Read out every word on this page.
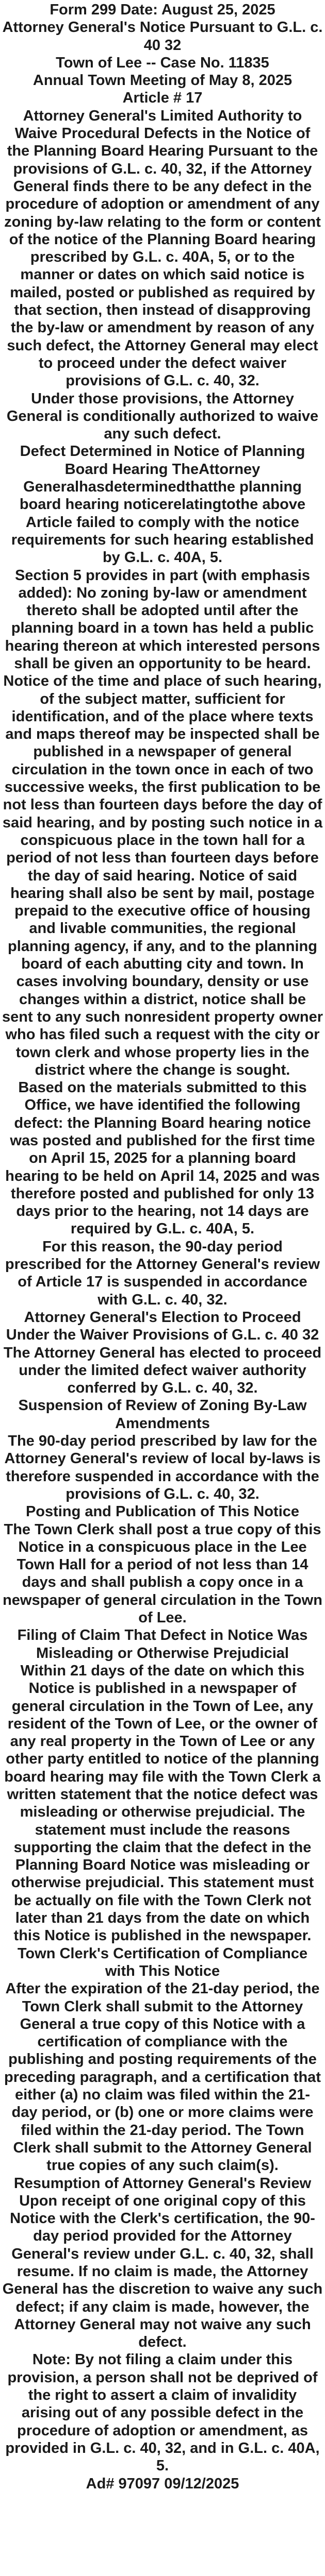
Form 299 Date: August 25, 2025
Attorney General's Notice Pursuant to G.L. c. 40 32
Town of Lee -- Case No. 11835
Annual Town Meeting of May 8, 2025
Article # 17
Attorney General's Limited Authority to Waive Procedural Defects in the Notice of the Planning Board Hearing Pursuant to the provisions of G.L. c. 40, 32, if the Attorney General finds there to be any defect in the procedure of adoption or amendment of any zoning by-law relating to the form or content of the notice of the Planning Board hearing prescribed by G.L. c. 40A, 5, or to the manner or dates on which said notice is mailed, posted or published as required by that section, then instead of disapproving the by-law or amendment by reason of any such defect, the Attorney General may elect to proceed under the defect waiver provisions of G.L. c. 40, 32.
Under those provisions, the Attorney General is conditionally authorized to waive any such defect.
Defect Determined in Notice of Planning Board Hearing TheAttorney Generalhasdeterminedthatthe planning board hearing noticerelatingtothe above Article failed to comply with the notice requirements for such hearing established by G.L. c. 40A, 5.
Section 5 provides in part (with emphasis added): No zoning by-law or amendment thereto shall be adopted until after the planning board in a town has held a public hearing thereon at which interested persons shall be given an opportunity to be heard. Notice of the time and place of such hearing, of the subject matter, sufficient for identification, and of the place where texts and maps thereof may be inspected shall be published in a newspaper of general circulation in the town once in each of two successive weeks, the first publication to be not less than fourteen days before the day of said hearing, and by posting such notice in a conspicuous place in the town hall for a period of not less than fourteen days before the day of said hearing. Notice of said hearing shall also be sent by mail, postage prepaid to the executive office of housing and livable communities, the regional planning agency, if any, and to the planning board of each abutting city and town. In cases involving boundary, density or use changes within a district, notice shall be sent to any such nonresident property owner who has filed such a request with the city or town clerk and whose property lies in the district where the change is sought.
Based on the materials submitted to this Office, we have identified the following defect: the Planning Board hearing notice was posted and published for the first time on April 15, 2025 for a planning board hearing to be held on April 14, 2025 and was therefore posted and published for only 13 days prior to the hearing, not 14 days are required by G.L. c. 40A, 5.
For this reason, the 90-day period prescribed for the Attorney General's review of Article 17 is suspended in accordance with G.L. c. 40, 32.
Attorney General's Election to Proceed Under the Waiver Provisions of G.L. c. 40 32
The Attorney General has elected to proceed under the limited defect waiver authority conferred by G.L. c. 40, 32.
Suspension of Review of Zoning By-Law Amendments
The 90-day period prescribed by law for the Attorney General's review of local by-laws is therefore suspended in accordance with the provisions of G.L. c. 40, 32.
Posting and Publication of This Notice
The Town Clerk shall post a true copy of this Notice in a conspicuous place in the Lee Town Hall for a period of not less than 14 days and shall publish a copy once in a newspaper of general circulation in the Town of Lee.
Filing of Claim That Defect in Notice Was Misleading or Otherwise Prejudicial
Within 21 days of the date on which this Notice is published in a newspaper of general circulation in the Town of Lee, any resident of the Town of Lee, or the owner of any real property in the Town of Lee or any other party entitled to notice of the planning board hearing may file with the Town Clerk a written statement that the notice defect was misleading or otherwise prejudicial. The statement must include the reasons supporting the claim that the defect in the Planning Board Notice was misleading or otherwise prejudicial. This statement must be actually on file with the Town Clerk not later than 21 days from the date on which this Notice is published in the newspaper.
Town Clerk's Certification of Compliance with This Notice
After the expiration of the 21-day period, the Town Clerk shall submit to the Attorney General a true copy of this Notice with a certification of compliance with the publishing and posting requirements of the preceding paragraph, and a certification that either (a) no claim was filed within the 21-day period, or (b) one or more claims were filed within the 21-day period. The Town Clerk shall submit to the Attorney General true copies of any such claim(s).
Resumption of Attorney General's Review
Upon receipt of one original copy of this Notice with the Clerk's certification, the 90-day period provided for the Attorney General's review under G.L. c. 40, 32, shall resume. If no claim is made, the Attorney General has the discretion to waive any such defect; if any claim is made, however, the Attorney General may not waive any such defect.
Note: By not filing a claim under this provision, a person shall not be deprived of the right to assert a claim of invalidity arising out of any possible defect in the procedure of adoption or amendment, as provided in G.L. c. 40, 32, and in G.L. c. 40A, 5.
Ad# 97097 09/12/2025
